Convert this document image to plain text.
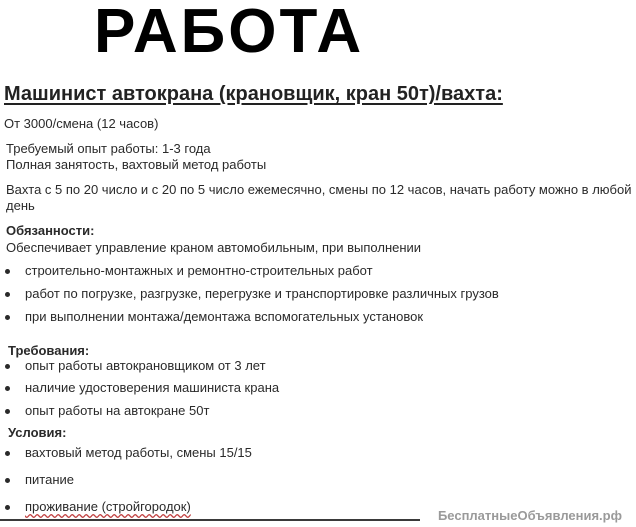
РАБОТА
Машинист автокрана (крановщик, кран 50т)/вахта:
От 3000/смена (12 часов)
Требуемый опыт работы: 1-3 года
Полная занятость, вахтовый метод работы
Вахта с 5 по 20 число и с 20 по 5 число ежемесячно, смены по 12 часов, начать работу можно в любой
день
Обязанности:
Обеспечивает управление краном автомобильным, при выполнении
строительно-монтажных и ремонтно-строительных работ
работ по погрузке, разгрузке, перегрузке и транспортировке различных грузов
при выполнении монтажа/демонтажа вспомогательных установок
Требования:
опыт работы автокрановщиком от 3 лет
наличие удостоверения машиниста крана
опыт работы на автокране 50т
Условия:
вахтовый метод работы, смены 15/15
питание
проживание (стройгородок)
БесплатныеОбъявления.рф
